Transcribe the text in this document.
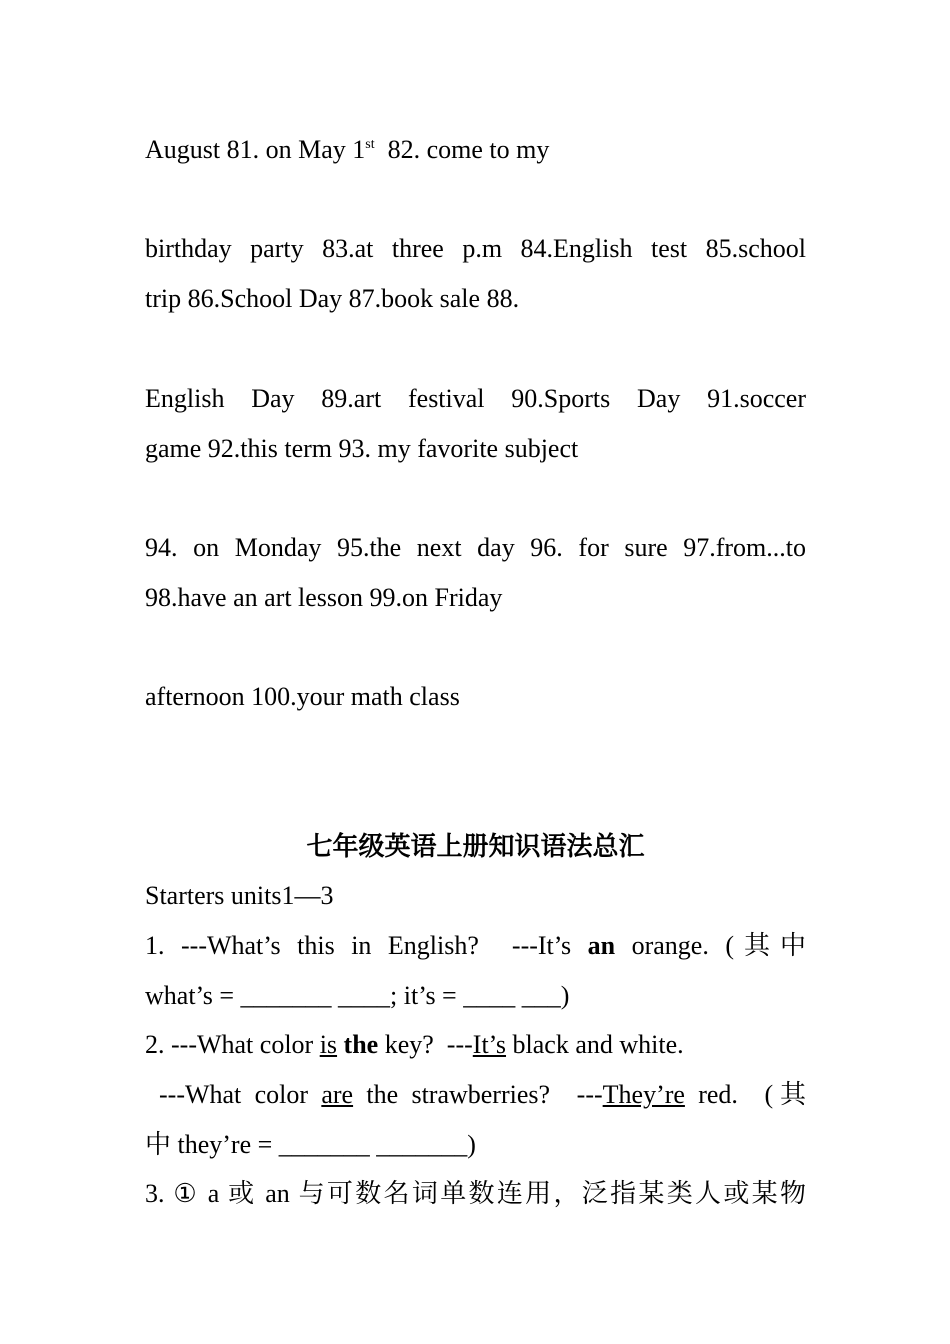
August 81. on May 1st  82. come to my
birthday party 83.at three p.m 84.English test 85.school
trip 86.School Day 87.book sale 88.
English Day 89.art festival 90.Sports Day 91.soccer
game 92.this term 93. my favorite subject
94. on Monday 95.the next day 96. for sure 97.from...to
98.have an art lesson 99.on Friday
afternoon 100.your math class
七年级英语上册知识语法总汇
Starters units1—3
1. ---What’s this in English?  ---It’s an orange. (其中
what’s = _______ ____; it’s = ____ ___)
2. ---What color is the key?  ---It’s black and white.
---What color are the strawberries?  ---They’re red.  (其
中 they’re = _______ _______)
3. ① a 或 an 与可数名词单数连用，泛指某类人或某物
